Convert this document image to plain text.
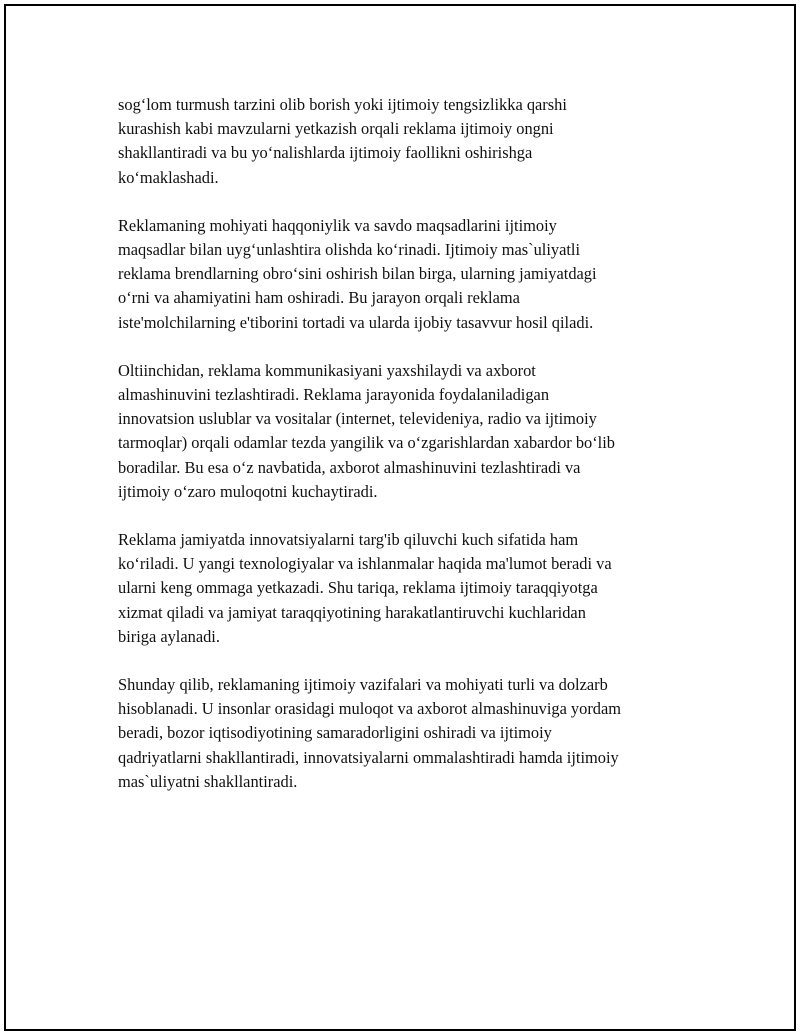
sog‘lom turmush tarzini olib borish yoki ijtimoiy tengsizlikka qarshi
kurashish kabi mavzularni yetkazish orqali reklama ijtimoiy ongni
shakllantiradi va bu yo‘nalishlarda ijtimoiy faollikni oshirishga
ko‘maklashadi.

Reklamaning mohiyati haqqoniylik va savdo maqsadlarini ijtimoiy
maqsadlar bilan uyg‘unlashtira olishda ko‘rinadi. Ijtimoiy mas`uliyatli
reklama brendlarning obro‘sini oshirish bilan birga, ularning jamiyatdagi
o‘rni va ahamiyatini ham oshiradi. Bu jarayon orqali reklama
iste'molchilarning e'tiborini tortadi va ularda ijobiy tasavvur hosil qiladi.

Oltiinchidan, reklama kommunikasiyani yaxshilaydi va axborot
almashinuvini tezlashtiradi. Reklama jarayonida foydalaniladigan
innovatsion uslublar va vositalar (internet, televideniya, radio va ijtimoiy
tarmoqlar) orqali odamlar tezda yangilik va o‘zgarishlardan xabardor bo‘lib
boradilar. Bu esa o‘z navbatida, axborot almashinuvini tezlashtiradi va
ijtimoiy o‘zaro muloqotni kuchaytiradi.

Reklama jamiyatda innovatsiyalarni targ'ib qiluvchi kuch sifatida ham
ko‘riladi. U yangi texnologiyalar va ishlanmalar haqida ma'lumot beradi va
ularni keng ommaga yetkazadi. Shu tariqa, reklama ijtimoiy taraqqiyotga
xizmat qiladi va jamiyat taraqqiyotining harakatlantiruvchi kuchlaridan
biriga aylanadi.

Shunday qilib, reklamaning ijtimoiy vazifalari va mohiyati turli va dolzarb
hisoblanadi. U insonlar orasidagi muloqot va axborot almashinuviga yordam
beradi, bozor iqtisodiyotining samaradorligini oshiradi va ijtimoiy
qadriyatlarni shakllantiradi, innovatsiyalarni ommalashtiradi hamda ijtimoiy
mas`uliyatni shakllantiradi.
